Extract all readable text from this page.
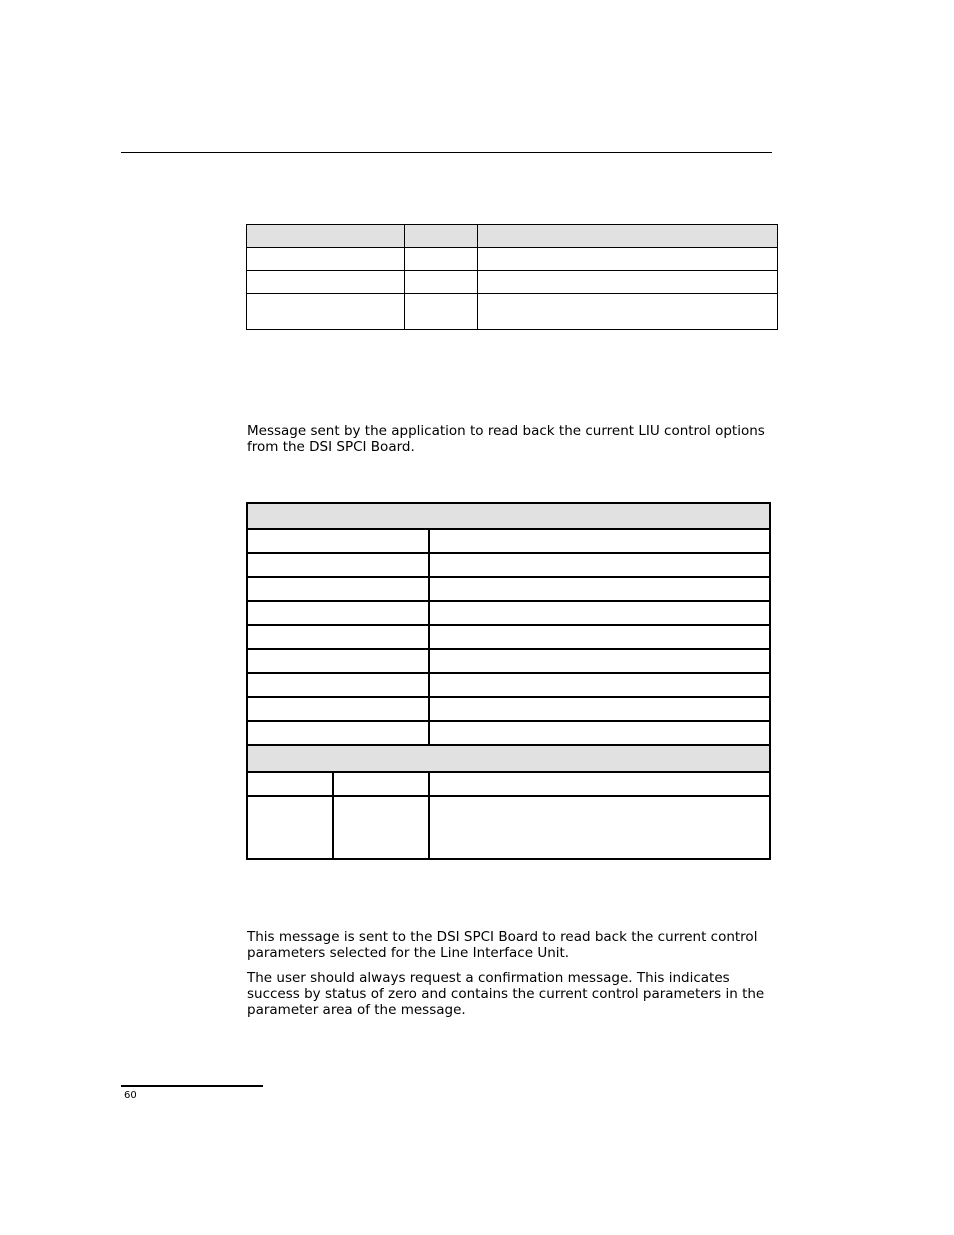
Message sent by the application to read back the current LIU control options from the DSI SPCI Board.

This message is sent to the DSI SPCI Board to read back the current control parameters selected for the Line Interface Unit.

The user should always request a confirmation message. This indicates success by status of zero and contains the current control parameters in the parameter area of the message.

60
